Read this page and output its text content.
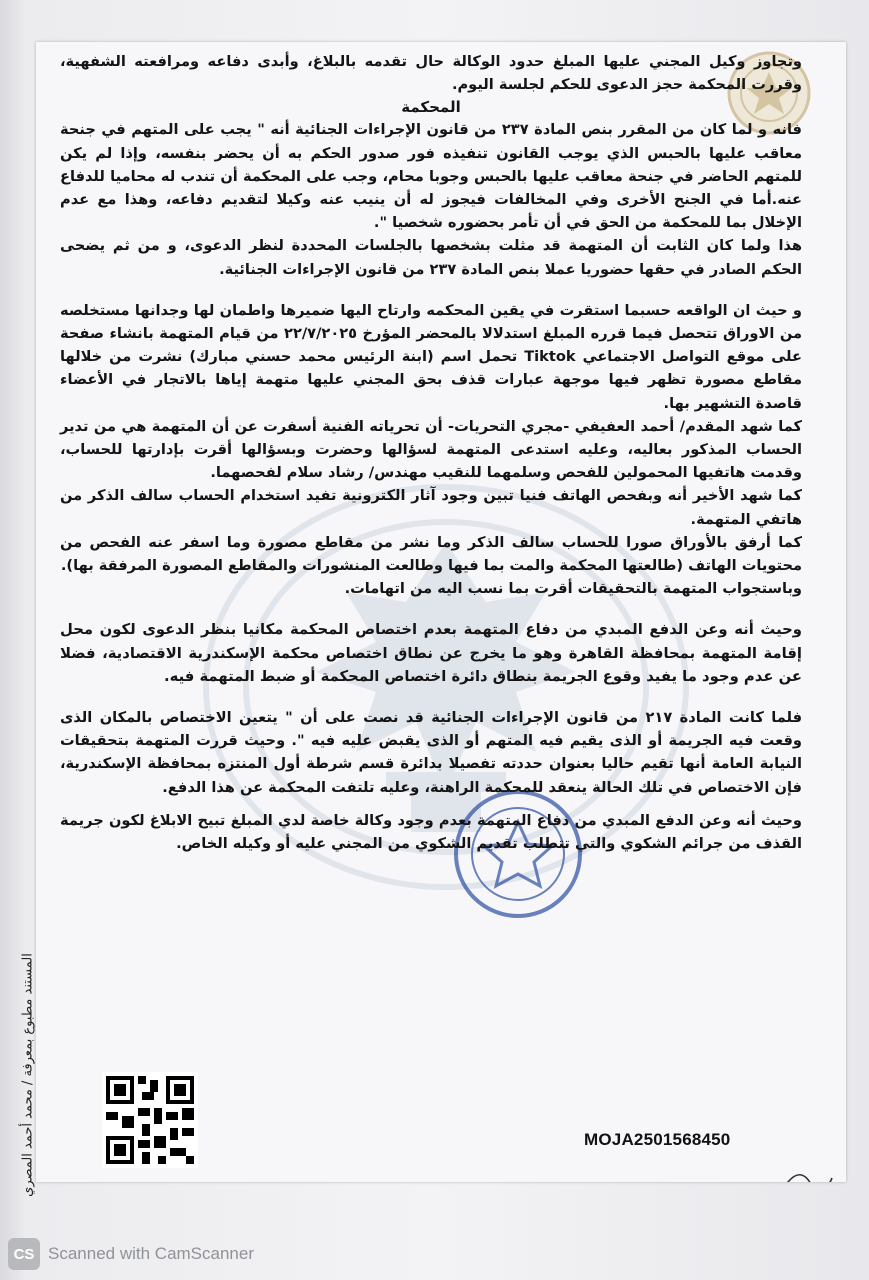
وتجاوز وكيل المجني عليها المبلغ حدود الوكالة حال تقدمه بالبلاغ، وأبدى دفاعه ومرافعته الشفهية، وقررت المحكمة حجز الدعوى للحكم لجلسة اليوم.

المحكمة

فانه و لما كان من المقرر بنص المادة ٢٣٧ من قانون الإجراءات الجنائية أنه " يجب على المتهم في جنحة معاقب عليها بالحبس الذي يوجب القانون تنفيذه فور صدور الحكم به أن يحضر بنفسه، وإذا لم يكن للمتهم الحاضر في جنحة معاقب عليها بالحبس وجوبا محام، وجب على المحكمة أن تندب له محاميا للدفاع عنه.أما في الجنح الأخرى وفي المخالفات فيجوز له أن ينيب عنه وكيلا لتقديم دفاعه، وهذا مع عدم الإخلال بما للمحكمة من الحق في أن تأمر بحضوره شخصيا ".

هذا ولما كان الثابت أن المتهمة قد مثلت بشخصها بالجلسات المحددة لنظر الدعوى، و من ثم يضحى الحكم الصادر في حقها حضوريا عملا بنص المادة ٢٣٧ من قانون الإجراءات الجنائية.

و حيث ان الواقعه حسبما استقرت في يقين المحكمه وارتاح اليها ضميرها واطمان لها وجدانها مستخلصه من الاوراق تتحصل فيما قرره المبلغ استدلالا بالمحضر المؤرخ ٢٢/٧/٢٠٢٥ من قيام المتهمة بانشاء صفحة على موقع التواصل الاجتماعي Tiktok تحمل اسم (ابنة الرئيس محمد حسني مبارك) نشرت من خلالها مقاطع مصورة تظهر فيها موجهة عبارات قذف بحق المجني عليها متهمة إياها بالاتجار في الأعضاء قاصدة التشهير بها.

كما شهد المقدم/ أحمد العفيفي -مجري التحريات- أن تحرياته الفنية أسفرت عن أن المتهمة هي من تدير الحساب المذكور بعاليه، وعليه استدعى المتهمة لسؤالها وحضرت وبسؤالها أقرت بإدارتها للحساب، وقدمت هاتفيها المحمولين للفحص وسلمهما للنقيب مهندس/ رشاد سلام لفحصهما.

كما شهد الأخير أنه وبفحص الهاتف فنيا تبين وجود آثار الكترونية تفيد استخدام الحساب سالف الذكر من هاتفي المتهمة.

كما أرفق بالأوراق صورا للحساب سالف الذكر وما نشر من مقاطع مصورة وما اسفر عنه الفحص من محتويات الهاتف (طالعتها المحكمة والمت بما فيها وطالعت المنشورات والمقاطع المصورة المرفقة بها).

وباستجواب المتهمة بالتحقيقات أقرت بما نسب اليه من اتهامات.

وحيث أنه وعن الدفع المبدي من دفاع المتهمة بعدم اختصاص المحكمة مكانيا بنظر الدعوى لكون محل إقامة المتهمة بمحافظة القاهرة وهو ما يخرج عن نطاق اختصاص محكمة الإسكندرية الاقتصادية، فضلا عن عدم وجود ما يفيد وقوع الجريمة بنطاق دائرة اختصاص المحكمة أو ضبط المتهمة فيه.

فلما كانت المادة ٢١٧ من قانون الإجراءات الجنائية قد نصت على أن " يتعين الاختصاص بالمكان الذى وقعت فيه الجريمة أو الذى يقيم فيه المتهم أو الذى يقبض عليه فيه ". وحيث قررت المتهمة بتحقيقات النيابة العامة أنها تقيم حاليا بعنوان حددته تفصيلا بدائرة قسم شرطة أول المنتزه بمحافظة الإسكندرية، فإن الاختصاص في تلك الحالة ينعقد للمحكمة الراهنة، وعليه تلتفت المحكمة عن هذا الدفع.

وحيث أنه وعن الدفع المبدي من دفاع المتهمة بعدم وجود وكالة خاصة لدي المبلغ تبيح الابلاغ لكون جريمة القذف من جرائم الشكوي والتي تتطلب تقديم الشكوي من المجني عليه أو وكيله الخاص.

MOJA2501568450
المستند مطبوع بمعرفة / محمد أحمد المصري
CS Scanned with CamScanner
